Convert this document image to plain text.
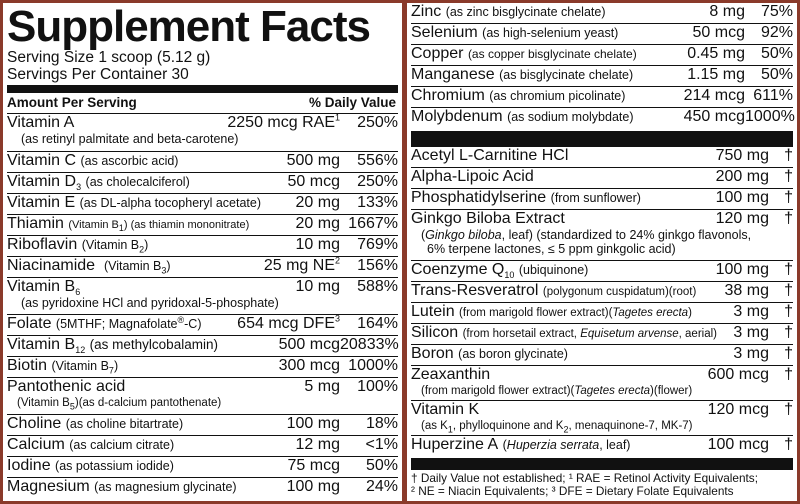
Supplement Facts
Serving Size 1 scoop (5.12 g)
Servings Per Container 30
Amount Per Serving	% Daily Value
Vitamin A	2250 mcg RAE$^1$	250%
(as retinyl palmitate and beta-carotene)
Vitamin C
(as ascorbic acid)	500 mg	556%
Vitamin $D_3$
(as cholecalciferol)	50 mcg	250%
Vitamin E
(as DL-alpha tocopheryl acetate) 20 mg	133%
Thiamin
(Vitamin $B_1$) (as thiamin mononitrate)	20 mg 1667%
Riboflavin
(Vitamin $B_2$)	10 mg	769%
Niacinamide
(Vitamin $B_3$)	25 mg $NE^2$	156%
Vitamin $B_6$	10 mg	588%
(as pyridoxine HCl and pyridoxal-5-phosphate)
Folate
(5MTHF; Magnafolate®-C) 654 mcg DFE$^3$	164%
Vitamin $B_{12}$
(as methylcobalamin)	500 mcg 20833%
Biotin
(Vitamin $B_7$)	300 mcg 1000%
Pantothenic acid	5 mg	100%
(Vitamin $B_5)(as$ d-calcium pantothenate)
Choline
(as choline bitartrate)	100 mg	18%
Calcium
(as calcium citrate)	12 mg	<1%
Iodine
(as potassium iodide)	75 mcg	50%
Magnesium
(as magnesium glycinate)	100 mg	24%
Zinc
(as zinc bisglycinate chelate)	8 mg 75%
Selenium
(as high-selenium yeast)	50 mcg 92%
Copper
(as copper bisglycinate chelate)	0.45 mg 50%
Manganese
(as bisglycinate chelate)	1.15 mg 50%
Chromium
(as chromium picolinate)	214 mcg 611%
Molybdenum
(as sodium molybdate)	450 mcg 1000%
Acetyl L-Carnitine HCl	750 mg †
Alpha-Lipoic Acid	200 mg †
Phosphatidylserine
(from sunflower)	100 mg †
Ginkgo Biloba Extract	120 mg †
(Ginkgo biloba, leaf) (standardized to 24% ginkgo flavonols,
6% terpene lactones, ≤ 5 ppm ginkgolic acid)
Coenzyme $Q_{10}$
(ubiquinone)	100 mg †
Trans-Resveratrol
(polygonum cuspidatum)(root) 38 mg †
Lutein
(from marigold flower extract)(Tagetes erecta)	3 mg †
Silicon
(from horsetail extract, Equisetum arvense, aerial) 3 mg †
Boron
(as boron glycinate)	3 mg †
Zeaxanthin	600 mcg †
(from marigold flower extract)(Tagetes erecta)(flower)
Vitamin K	120 mcg †
(as $K_1$, phylloquinone and $K_2$, menaquinone-7, MK-7)
Huperzine A
(Huperzia serrata, leaf)	100 mcg †
† Daily Value not established; ¹ RAE = Retinol Activity Equivalents;
² NE = Niacin Equivalents; ³ DFE = Dietary Folate Equivalents
